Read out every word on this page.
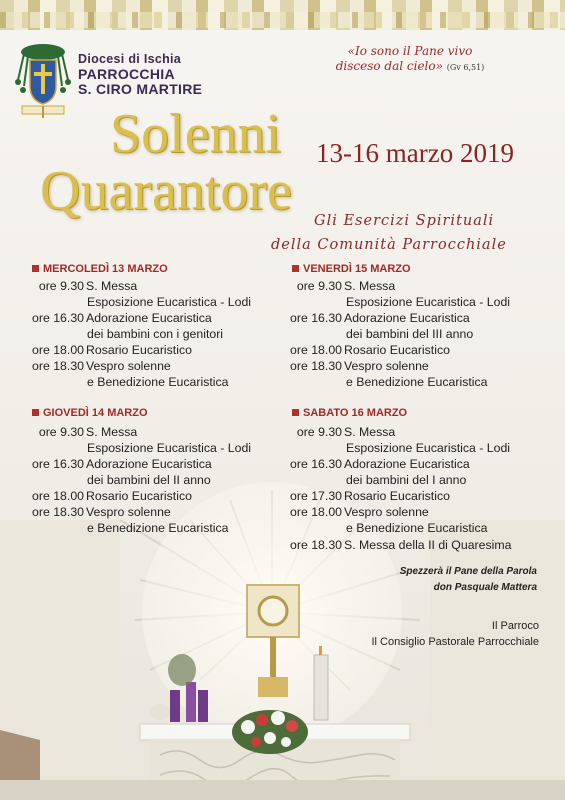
Diocesi di Ischia
PARROCCHIA
S. CIRO MARTIRE
«Io sono il Pane vivo
disceso dal cielo» (Gv 6,51)
Solenni
Quarantore
13-16 marzo 2019
Gli Esercizi Spirituali
della Comunità Parrocchiale
MERCOLEDÌ 13 MARZO
ore 9.30 S. Messa
Esposizione Eucaristica - Lodi
ore 16.30 Adorazione Eucaristica
dei bambini con i genitori
ore 18.00 Rosario Eucaristico
ore 18.30 Vespro solenne
e Benedizione Eucaristica
VENERDÌ 15 MARZO
ore 9.30 S. Messa
Esposizione Eucaristica - Lodi
ore 16.30 Adorazione Eucaristica
dei bambini del III anno
ore 18.00 Rosario Eucaristico
ore 18.30 Vespro solenne
e Benedizione Eucaristica
GIOVEDÌ 14 MARZO
ore 9.30 S. Messa
Esposizione Eucaristica - Lodi
ore 16.30 Adorazione Eucaristica
dei bambini del II anno
ore 18.00 Rosario Eucaristico
ore 18.30 Vespro solenne
e Benedizione Eucaristica
SABATO 16 MARZO
ore 9.30 S. Messa
Esposizione Eucaristica - Lodi
ore 16.30 Adorazione Eucaristica
dei bambini del I anno
ore 17.30 Rosario Eucaristico
ore 18.00 Vespro solenne
e Benedizione Eucaristica
ore 18.30 S. Messa della II di Quaresima
Spezzerà il Pane della Parola
don Pasquale Mattera
Il Parroco
Il Consiglio Pastorale Parrocchiale
